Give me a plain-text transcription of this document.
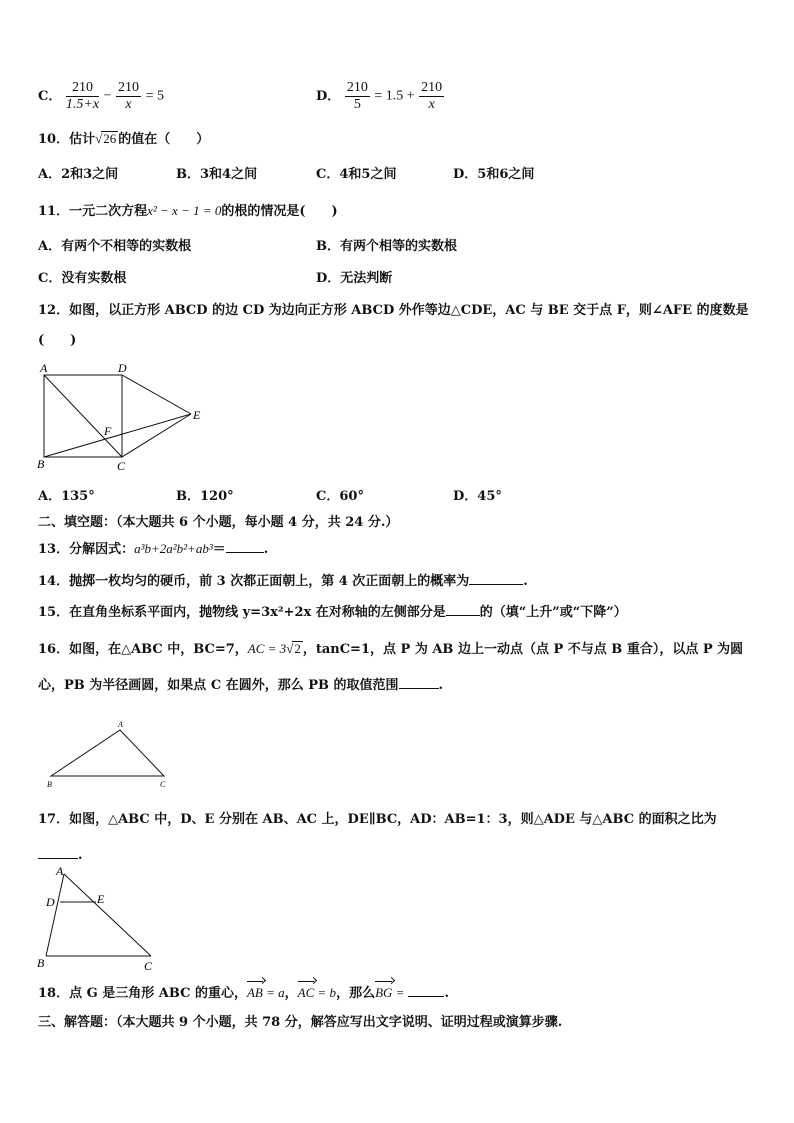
C． $\frac{210}{1.5+x} - \frac{210}{x} = 5$	D． $\frac{210}{5} = 1.5 + \frac{210}{x}$
10．估计√26 的值在（　　）
A．2和3之间	B．3和4之间	C．4和5之间	D．5和6之间
11．一元二次方程x² − x − 1 = 0的根的情况是(　　)
A．有两个不相等的实数根	B．有两个相等的实数根
C．没有实数根	D．无法判断
12．如图，以正方形 ABCD 的边 CD 为边向正方形 ABCD 外作等边△CDE，AC 与 BE 交于点 F，则∠AFE 的度数是
(　　)
A	D
E
F
B	C
A．135°	B．120°	C．60°	D．45°
二、填空题：（本大题共 6 个小题，每小题 4 分，共 24 分.）
13．分解因式：a³b+2a²b²+ab³＝	.
14．抛掷一枚均匀的硬币，前 3 次都正面朝上，第 4 次正面朝上的概率为	.
15．在直角坐标系平面内，抛物线 y=3x²+2x 在对称轴的左侧部分是	的（填“上升”或“下降”）
16．如图，在△ABC 中，BC=7，AC = 3√2 ，tanC=1，点 P 为 AB 边上一动点（点 P 不与点 B 重合），以点 P 为圆
心，PB 为半径画圆，如果点 C 在圆外，那么 PB 的取值范围	.
A
B	C
17．如图，△ABC 中，D、E 分别在 AB、AC 上，DE∥BC，AD：AB=1：3，则△ADE 与△ABC 的面积之比为
.
A
D	E
B	C
18．点 G 是三角形 ABC 的重心，AB = a，AC = b，那么BG =	.
三、解答题：（本大题共 9 个小题，共 78 分，解答应写出文字说明、证明过程或演算步骤.
